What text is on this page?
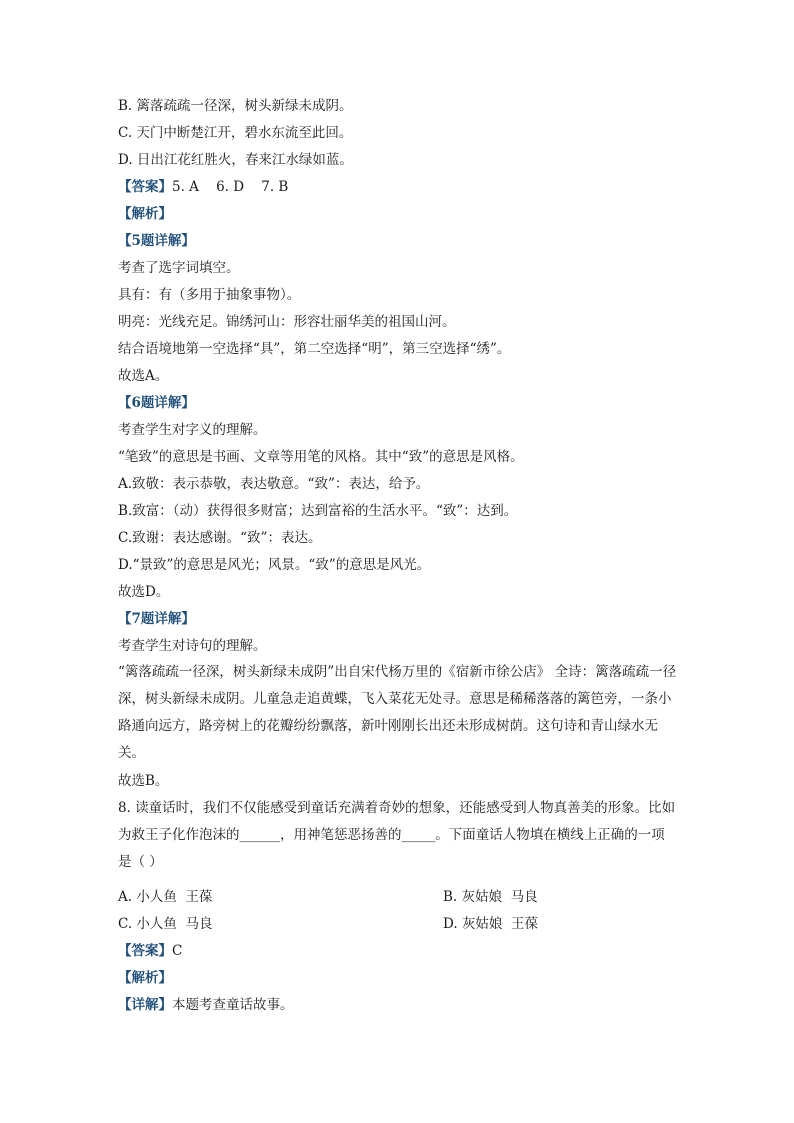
B. 篱落疏疏一径深，树头新绿未成阴。
C. 天门中断楚江开，碧水东流至此回。
D. 日出江花红胜火，春来江水绿如蓝。
【答案】5. A    6. D    7. B
【解析】
【5题详解】
考查了选字词填空。
具有：有（多用于抽象事物）。
明亮：光线充足。锦绣河山：形容壮丽华美的祖国山河。
结合语境地第一空选择“具”，第二空选择“明”，第三空选择“绣”。
故选A。
【6题详解】
考查学生对字义的理解。
“笔致”的意思是书画、文章等用笔的风格。其中“致”的意思是风格。
A.致敬：表示恭敬，表达敬意。“致”：表达，给予。
B.致富：（动）获得很多财富；达到富裕的生活水平。“致”：达到。
C.致谢：表达感谢。“致”：表达。
D.“景致”的意思是风光；风景。“致”的意思是风光。
故选D。
【7题详解】
考查学生对诗句的理解。
“篱落疏疏一径深，树头新绿未成阴”出自宋代杨万里的《宿新市徐公店》 全诗：篱落疏疏一径深，树头新绿未成阴。儿童急走追黄蝶，飞入菜花无处寻。意思是稀稀落落的篱笆旁，一条小路通向远方，路旁树上的花瓣纷纷飘落，新叶刚刚长出还未形成树荫。这句诗和青山绿水无关。
故选B。
8. 读童话时，我们不仅能感受到童话充满着奇妙的想象，还能感受到人物真善美的形象。比如为救王子化作泡沫的______，用神笔惩恶扬善的_____。下面童话人物填在横线上正确的一项是（ ）
A. 小人鱼  王葆	B. 灰姑娘  马良
C. 小人鱼  马良	D. 灰姑娘  王葆
【答案】C
【解析】
【详解】本题考查童话故事。
